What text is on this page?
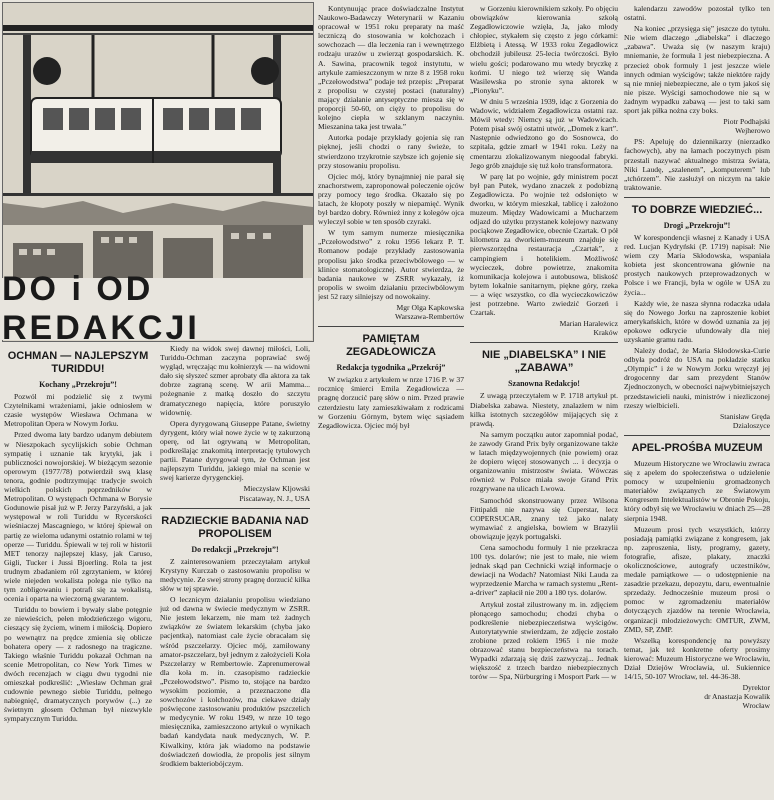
DO i OD REDAKCJI
OCHMAN — NAJLEPSZYM TURIDDU!

Kochany „Przekroju”!

Pozwól mi podzielić się z twymi Czytelnikami wrażeniami, jakie odniosłem w czasie występów Wiesława Ochmana w Metropolitan Opera w Nowym Jorku.

Przed dwoma laty bardzo udanym debiutem w Nieszpokach sycylijskich sobie Ochman sympatię i uznanie tak krytyki, jak i publiczności nowojorskiej. W bieżącym sezonie operowym (1977/78) potwierdził swą klasę tenora, godnie podtrzymując tradycje swoich wielkich polskich poprzedników w Metropolitan. O występach Ochmana w Borysie Godunowie pisał już w P. Jerzy Parzyński, a jak występował w roli Turiddu w Rycerskości wieśniaczej Mascagniego, w której śpiewał on partię ze wieloma udanymi ostatnio rolami w tej operze — Turiddu. Śpiewali w tej roli w historii MET tenorzy najlepszej klasy, jak Caruso, Gigli, Tucker i Jussi Bjoerling. Rola ta jest trudnym zbadaniem ról zgrzytaniem, w której wiele niejeden wokalista polega nie tylko na tym zobligowaniu i potrafi się za wokalistą, ocenia i oparta na wieczorną gwarantem.

Turiddu to bowiem i bywały słabe potęgnie ze niewieścich, pełen młodzieńczego wigoru, cieszący się życiem, winem i miłością. Dopiero po wewnątrz na prędce zmienia się oblicze bohatera opery — z radosnego na tragiczne. Takiego właśnie Turiddu pokazał Ochman na scenie Metropolitan, co New York Times w dwóch recenzjach w ciągu dwu tygodni nie omieszkał podkreślić: „Wiesław Ochman grał cudownie pewnego siebie Turiddu, pełnego nabiegnięć, dramatycznych porywów (...) ze świetnym głosem Ochman był niezwykle sympatycznym Turiddu.

Kiedy na widok swej dawnej miłości, Loli, Turiddu-Ochman zaczyna poprawiać swój wygląd, wręczając mu kołnierzyk — na widowni dało się słyszeć szmer aprobaty dla aktora za tak dobrze zagraną scenę. W arii Mamma... pożegnanie z matką doszło do szczytu dramatycznego napięcia, które poruszyło widownię.

Opera dyrygowaną Giuseppe Patane, świetny dyrygent, który wiał nowe życie w tę zakurzoną operę, od lat ogrywaną w Metropolitan, podkreślając znakomitą interpretację tytułowych partii. Patane dyrygował tym, że Ochman jest najlepszym Turiddu, jakiego miał na scenie w swej karierze dyrygenckiej.

Mieczysław Kljowski
Piscataway, N. J., USA

RADZIECKIE BADANIA NAD PROPOLISEM

Do redakcji „Przekroju”!

Z zainteresowaniem przeczytałam artykuł Krystyny Kurczab o zastosowaniu propolisu w medycynie. Ze swej strony pragnę dorzucić kilka słów w tej sprawie.

O lecznicym działaniu propolisu wiedziano już od dawna w świecie medycznym w ZSRR. Nie jestem lekarzem, nie mam też żadnych związków ze światem lekarskim (chyba jako pacjentka), natomiast cale życie obracałam się wśród pszczelarzy. Ojciec mój, zamiłowany amator-pszczelarz, był jednym z założycieli Koła Pszczelarzy w Rembertowie. Zaprenumerował dla koła m. in. czasopismo radzieckie „Pczełowodstwo”. Pismo to, stojące na bardzo wysokim poziomie, a przeznaczone dla sowchozów i kołchozów, ma ciekawe działy poświęcone zastosowaniu produktów pszczelich w medycynie. W roku 1949, w nrze 10 tego miesięcznika, zamieszczono artykuł o wynikach badań kandydata nauk medycznych, W. P. Kiwalkiny, która jak wiadomo na podstawie doświadczeń dowiodła, że propolis jest silnym środkiem bakteriobójczym.

Kontynuując prace doświadczalne Instytut Naukowo-Badawczy Weterynarii w Kazaniu opracował w 1951 roku preparaty na maść leczniczą do stosowania w kołchozach i sowchozach — dla leczenia ran i wewnętrzego rodzaju urazów u zwierząt gospodarskich. K. A. Sawina, pracownik tegoż instytutu, w artykule zamieszczonym w nrze 8 z 1958 roku „Pczełowodstwa” podaje też przepis: „Preparat z propolisu w czystej postaci (naturalny) mający działanie antyseptyczne miesza się w proporcji 50-60, on cięży to propolisu do kolejno ciepła w szklanym naczyniu. Mieszanina taka jest trwała.”

Autorka podaje przykłady gojenia się ran pięknej, jeśli chodzi o rany świeże, to stwierdzono trzykrotnie szybsze ich gojenie się przy stosowaniu propolisu.

Ojciec mój, który bynajmniej nie parał się znachorstwem, zaproponował poleczenie ojców przy pomocy tego środka. Okazało się po latach, że kłopoty poszły w niepamięć. Wynik był bardzo dobry. Również inny z kolegów ojca wyleczył sobie w ten sposób czyraki.

W tym samym numerze miesięcznika „Pczełowodstwo” z roku 1956 lekarz P. T. Romanow podaje przykłady zastosowania propolisu jako środka przeciwbólowego — w klinice stomatologicznej. Autor stwierdza, że badania naukowe w ZSRR wykazały, iż propolis w swoim działaniu przeciwbólowym jest 52 razy silniejszy od nowokainy.

Mgr Olga Kapkowska
Warszawa-Rembertów

PAMIĘTAM ZEGADŁOWICZA

Redakcja tygodnika „Przekrój”

W związku z artykułem w nrze 1716 P. w 37 rocznicę śmierci Emila Zegadłowicza — pragnę dorzucić parę słów o nim. Przed prawie czterdziestu laty zamieszkiwałam z rodzicami w Gorzeniu Górnym, bytem więc sąsiadem Zegadłowicza. Ojciec mój był

w Gorzeniu kierownikiem szkoły. Po objęciu obowiązków kierowania szkołą Zegadłowiczowie wzięła, Ja, jako młody chłopiec, stykałem się często z jego córkami: Elżbietą i Atessą. W 1933 roku Zegadłowicz obchodził jubileusz 25-lecia twórczości. Było wielu gości; podarowano mu wtedy bryczkę z końmi. U niego też wierzę się Wanda Wasilewska po stronie syna aktorek w „Pionyku”.

W dniu 5 września 1939, idąc z Gorzenia do Wadowic, widziałem Zegadłowicza ostatni raz. Mówił wtedy: Niemcy są już w Wadowicach. Potem pisał swój ostatni utwór, „Domek z kart”. Następnie odwiedzono go do Sosnowca, do szpitala, gdzie zmarł w 1941 roku. Leży na cmentarzu zlokalizowanym niegoodal fabryki. Jego grób znajduje się tuż koło transformatora.

W parę lat po wojnie, gdy ministrem poczt był pan Putek, wydano znaczek z podobizną Zegadłowicza. Po wojnie też odsłonięto w dworku, w którym mieszkał, tablicę i założono muzeum. Między Wadowicami a Mucharzem odjazd do użytku przystanek kolejowy nazwany pociąkowe Zegadłowice, obecnie Czartak. O pół kilometra za dworkiem-muzeum znajduje się pierwszorzędna restauracja „Czartak”, z campingiem i hotelikiem. Możliwość wycieczek, dobre powietrze, znakomita komunikacja kolejowa i autobusowa, bliskość bytem lokalnie sanitarnym, piękne góry, rzeka — a więc wszystko, co dla wycieczkowiczów jest potrzebne. Warto zwiedzić Gorzeń i Czartak.

Marian Haralewicz
Kraków

NIE „DIABELSKA” I NIE „ZABAWA”

Szanowna Redakcjo!

Z uwagą przeczytałem w P. 1718 artykuł pt. Diabelska zabawa. Niestety, znalazłem w nim kilka istotnych szczegółów mijających się z prawdą.

Na samym początku autor zapomniał podać, że zawody Grand Prix były organizowane także w latach międzywojennych (nie powiem) oraz że dopiero więcej stosowanych ... i decyzja o organizowaniu mistrzostw świata. Wówczas również w Polsce miała swoje Grand Prix rozgrywane na ulicach Lwowa.

Samochód skonstruowany przez Wilsona Fittipaldi nie nazywa się Cuperstar, lecz COPERSUCAR, znany też jako nalaty wymawiać z angielska, bowiem w Brazylii obowiązuje język portugalski.

Cena samochodu formuły 1 nie przekracza 100 tys. dolarów; nie jest to małe, nie wiem jednak skąd pan Cechnicki wziął informacje o dewiacji na Wodach? Natomiast Niki Lauda za wyprzedzenie Marcha w ramach systemu „Rent-a-driver” zapłacił nie 200 a 180 tys. dolarów.

Artykuł został zilustrowany m. in. zdjęciem płonącego samochodu; chodzi chyba o podkreślenie niebezpieczeństwa wyścigów. Autorytatywnie stwierdzam, że zdjęcie zostało zrobione przed rokiem 1965 i nie może obrazować stanu bezpieczeństwa na torach. Wypadki zdarzają się dziś zazwyczaj... Jednak większość z trzech bardzo niebezpiecznych torów — Spa, Nürburgring i Mosport Park — w

kalendarzu zawodów pozostał tylko ten ostatni.

Na koniec „przysięga się” jeszcze do tytułu. Nie wiem dlaczego „diabelska” i dlaczego „zabawa”. Uważa się (w naszym kraju) mniemanie, że formuła 1 jest niebezpieczna. A przecież obok formuły 1 jest jeszcze wiele innych odmian wyścigów; także niektóre rajdy są nie mniej niebezpieczne, ale o tym jakoś się nie pisze. Wyścigi samochodowe nie są w żadnym wypadku zabawą — jest to taki sam sport jak piłka nożna czy boks.

Piotr Podhajski
Wejherowo

PS: Apeluję do dziennikarzy (nierzadko fachowych), aby na łamach poczytnych pism przestali nazywać aktualnego mistrza świata, Niki Laudę, „szalenem”, „komputerem” lub „tchórzem”. Nie zasłużył on niczym na takie traktowanie.

TO DOBRZE WIEDZIEĆ...

Drogi „Przekroju”!

W korespondencji własnej z Kanady i USA red. Lucjan Kydryński (P. 1719) napisał: Nie wiem czy Maria Skłodowska, wspaniała kobieta jest skoncentrowana głównie na prostych naukowych przeprowadzonych w Polsce i we Francji, była w ogóle w USA zu życia...

Każdy wie, że nasza słynna rodaczka udała się do Nowego Jorku na zaproszenie kobiet amerykańskich, które w dowód uznania za jej epokowe odkrycie ufundowały dla niej uzyskanie gramu radu.

Należy dodać, że Maria Skłodowska-Curie odbyła podróż do USA na pokładzie statku „Olympic” i że w Nowym Jorku wręczył jej drogocenny dar sam prezydent Stanów Zjednoczonych, w obecności najwybitniejszych przedstawicieli nauki, ministrów i niezliczonej rzeszy wielbicieli.

Stanisław Gręda
Dzialoszyce

APEL-PROŚBA MUZEUM

Muzeum Historyczne we Wrocławiu zwraca się z apelem do społeczeństwa o udzielenie pomocy w uzupełnieniu gromadzonych materiałów związanych ze Światowym Kongresem Intelektualistów w Obronie Pokoju, który odbył się we Wrocławiu w dniach 25—28 sierpnia 1948.

Muzeum prosi tych wszystkich, którzy posiadają pamiątki związane z kongresem, jak np. zaproszenia, listy, programy, gazety, fotografie, afisze, plakaty, znaczki okolicznościowe, autografy uczestników, medale pamiątkowe — o udostępnienie na zasadzie przekazu, depozytu, daru, ewentualnie sprzedaży. Jednocześnie muzeum prosi o pomoc w zgromadzeniu materiałów dotyczących zjazdów na terenie Wrocławia, organizacji młodzieżowych: OMTUR, ZWM, ZMD, SP, ZMP.

Wszelką korespondencję na powyższy temat, jak też konkretne oferty prosimy kierować: Muzeum Historyczne we Wrocławiu, Dział Dziejów Wrocławia, ul. Sukiennice 14/15, 50-107 Wrocław, tel. 44-36-38.

Dyrektor
dr Anastazja Kowalik
Wrocław
